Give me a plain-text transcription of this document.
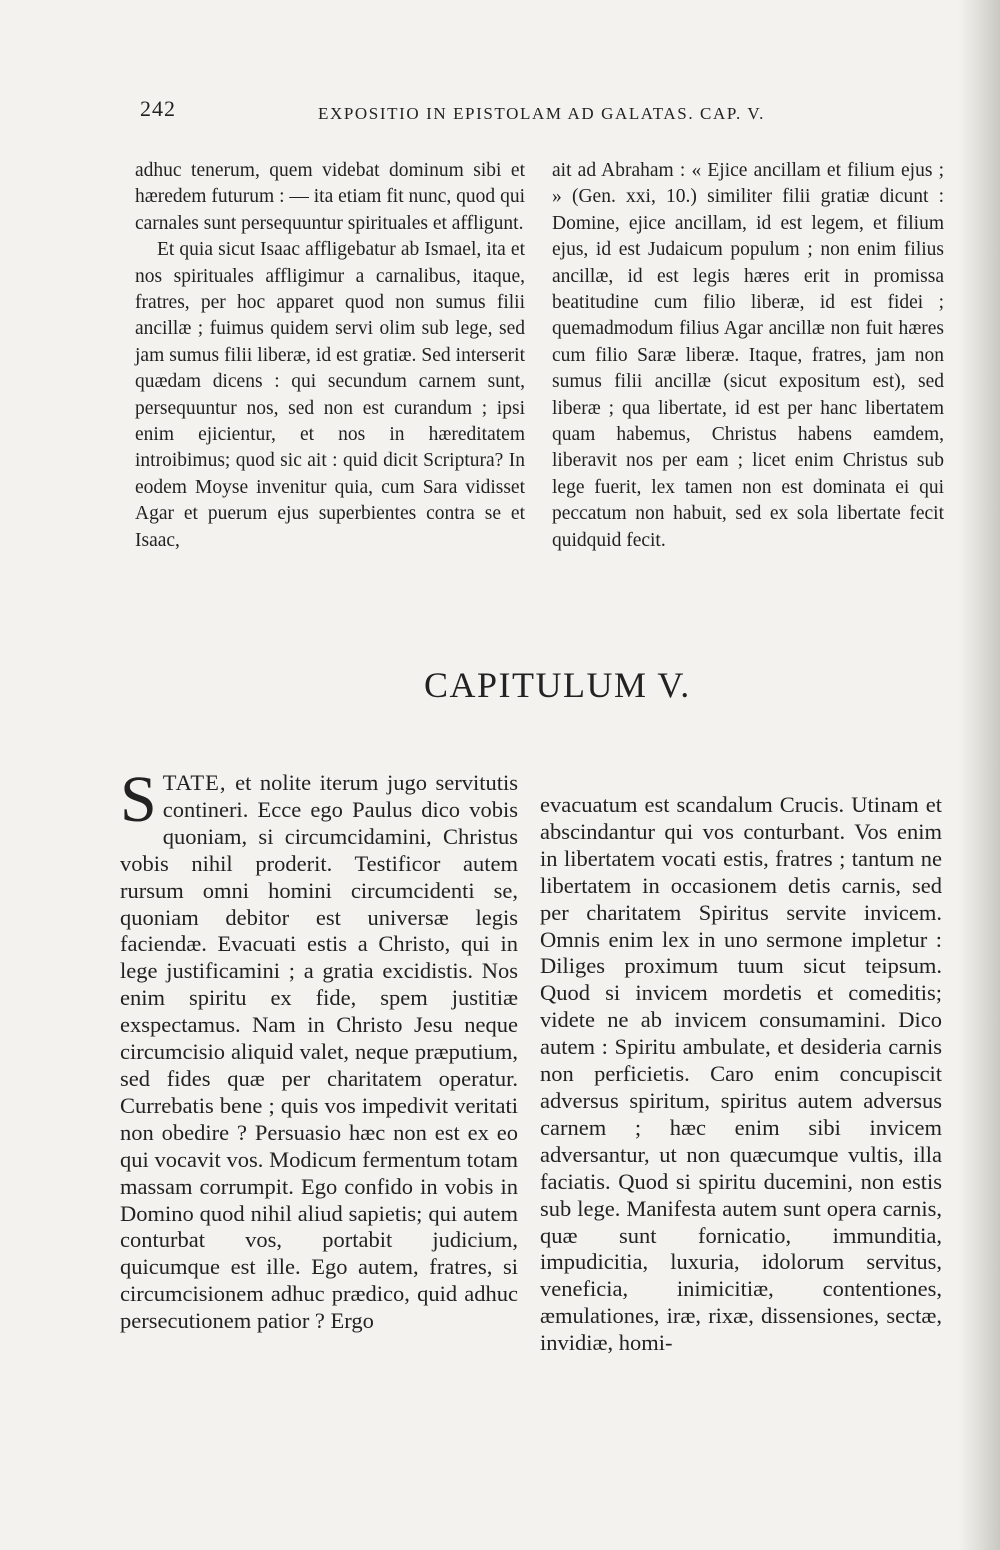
242	EXPOSITIO IN EPISTOLAM AD GALATAS. CAP. V.

adhuc tenerum, quem videbat dominum sibi et hæredem futurum : — ita etiam fit nunc, quod qui carnales sunt persequuntur spirituales et affligunt.

Et quia sicut Isaac affligebatur ab Ismael, ita et nos spirituales affligimur a carnalibus, itaque, fratres, per hoc apparet quod non sumus filii ancillæ ; fuimus quidem servi olim sub lege, sed jam sumus filii liberæ, id est gratiæ. Sed interserit quædam dicens : qui secundum carnem sunt, persequuntur nos, sed non est curandum ; ipsi enim ejicientur, et nos in hæreditatem introibimus; quod sic ait : quid dicit Scriptura? In eodem Moyse invenitur quia, cum Sara vidisset Agar et puerum ejus superbientes contra se et Isaac,

ait ad Abraham : « Ejice ancillam et filium ejus ; » (Gen. xxi, 10.) similiter filii gratiæ dicunt : Domine, ejice ancillam, id est legem, et filium ejus, id est Judaicum populum ; non enim filius ancillæ, id est legis hæres erit in promissa beatitudine cum filio liberæ, id est fidei ; quemadmodum filius Agar ancillæ non fuit hæres cum filio Saræ liberæ. Itaque, fratres, jam non sumus filii ancillæ (sicut expositum est), sed liberæ ; qua libertate, id est per hanc libertatem quam habemus, Christus habens eamdem, liberavit nos per eam ; licet enim Christus sub lege fuerit, lex tamen non est dominata ei qui peccatum non habuit, sed ex sola libertate fecit quidquid fecit.

CAPITULUM V.

STATE, et nolite iterum jugo servitutis contineri. Ecce ego Paulus dico vobis quoniam, si circumcidamini, Christus vobis nihil proderit. Testificor autem rursum omni homini circumcidenti se, quoniam debitor est universæ legis faciendæ. Evacuati estis a Christo, qui in lege justificamini ; a gratia excidistis. Nos enim spiritu ex fide, spem justitiæ exspectamus. Nam in Christo Jesu neque circumcisio aliquid valet, neque præputium, sed fides quæ per charitatem operatur. Currebatis bene ; quis vos impedivit veritati non obedire ? Persuasio hæc non est ex eo qui vocavit vos. Modicum fermentum totam massam corrumpit. Ego confido in vobis in Domino quod nihil aliud sapietis; qui autem conturbat vos, portabit judicium, quicumque est ille. Ego autem, fratres, si circumcisionem adhuc prædico, quid adhuc persecutionem patior ? Ergo

evacuatum est scandalum Crucis. Utinam et abscindantur qui vos conturbant. Vos enim in libertatem vocati estis, fratres ; tantum ne libertatem in occasionem detis carnis, sed per charitatem Spiritus servite invicem. Omnis enim lex in uno sermone impletur : Diliges proximum tuum sicut teipsum. Quod si invicem mordetis et comeditis; videte ne ab invicem consumamini. Dico autem : Spiritu ambulate, et desideria carnis non perficietis. Caro enim concupiscit adversus spiritum, spiritus autem adversus carnem ; hæc enim sibi invicem adversantur, ut non quæcumque vultis, illa faciatis. Quod si spiritu ducemini, non estis sub lege. Manifesta autem sunt opera carnis, quæ sunt fornicatio, immunditia, impudicitia, luxuria, idolorum servitus, veneficia, inimicitiæ, contentiones, æmulationes, iræ, rixæ, dissensiones, sectæ, invidiæ, homi-
